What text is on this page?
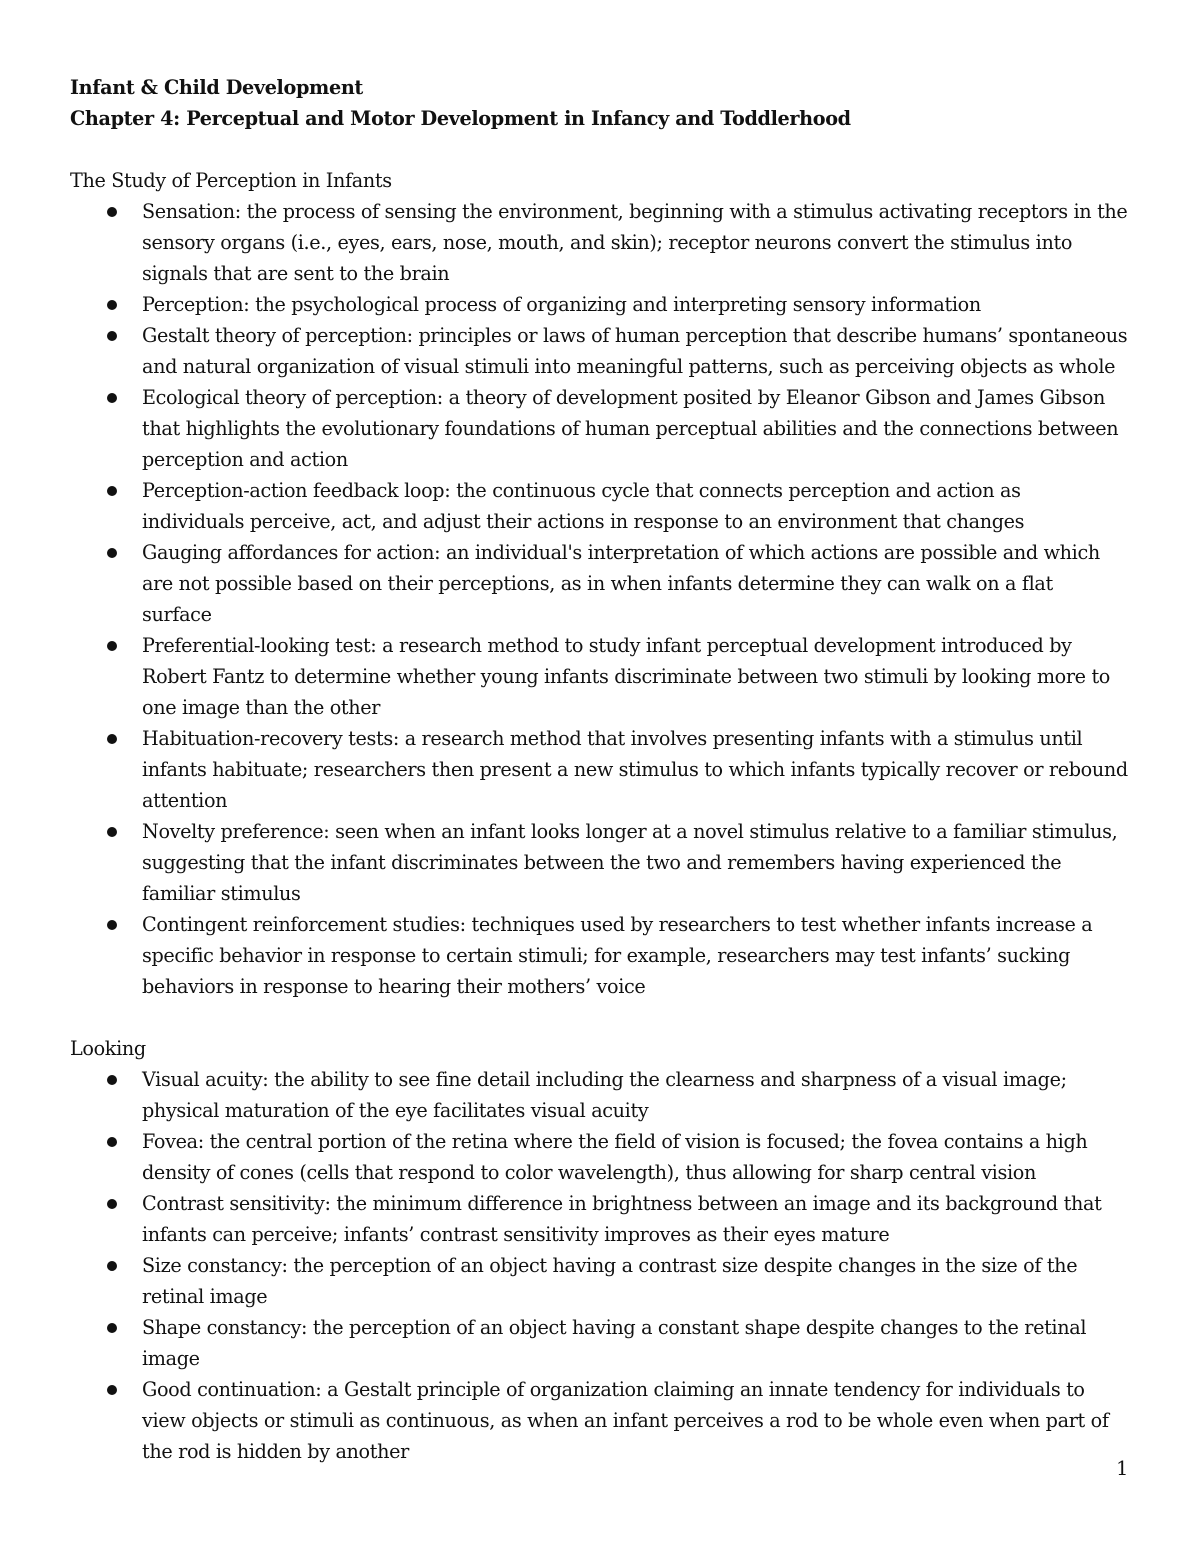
Infant & Child Development

Chapter 4: Perceptual and Motor Development in Infancy and Toddlerhood

The Study of Perception in Infants

Sensation: the process of sensing the environment, beginning with a stimulus activating receptors in the sensory organs (i.e., eyes, ears, nose, mouth, and skin); receptor neurons convert the stimulus into signals that are sent to the brain
Perception: the psychological process of organizing and interpreting sensory information
Gestalt theory of perception: principles or laws of human perception that describe humans’ spontaneous and natural organization of visual stimuli into meaningful patterns, such as perceiving objects as whole
Ecological theory of perception: a theory of development posited by Eleanor Gibson and James Gibson that highlights the evolutionary foundations of human perceptual abilities and the connections between perception and action
Perception-action feedback loop: the continuous cycle that connects perception and action as individuals perceive, act, and adjust their actions in response to an environment that changes
Gauging affordances for action: an individual's interpretation of which actions are possible and which are not possible based on their perceptions, as in when infants determine they can walk on a flat surface
Preferential-looking test: a research method to study infant perceptual development introduced by Robert Fantz to determine whether young infants discriminate between two stimuli by looking more to one image than the other
Habituation-recovery tests: a research method that involves presenting infants with a stimulus until infants habituate; researchers then present a new stimulus to which infants typically recover or rebound attention
Novelty preference: seen when an infant looks longer at a novel stimulus relative to a familiar stimulus, suggesting that the infant discriminates between the two and remembers having experienced the familiar stimulus
Contingent reinforcement studies: techniques used by researchers to test whether infants increase a specific behavior in response to certain stimuli; for example, researchers may test infants’ sucking behaviors in response to hearing their mothers’ voice

Looking

Visual acuity: the ability to see fine detail including the clearness and sharpness of a visual image; physical maturation of the eye facilitates visual acuity
Fovea: the central portion of the retina where the field of vision is focused; the fovea contains a high density of cones (cells that respond to color wavelength), thus allowing for sharp central vision
Contrast sensitivity: the minimum difference in brightness between an image and its background that infants can perceive; infants’ contrast sensitivity improves as their eyes mature
Size constancy: the perception of an object having a contrast size despite changes in the size of the retinal image
Shape constancy: the perception of an object having a constant shape despite changes to the retinal image
Good continuation: a Gestalt principle of organization claiming an innate tendency for individuals to view objects or stimuli as continuous, as when an infant perceives a rod to be whole even when part of the rod is hidden by another
1
